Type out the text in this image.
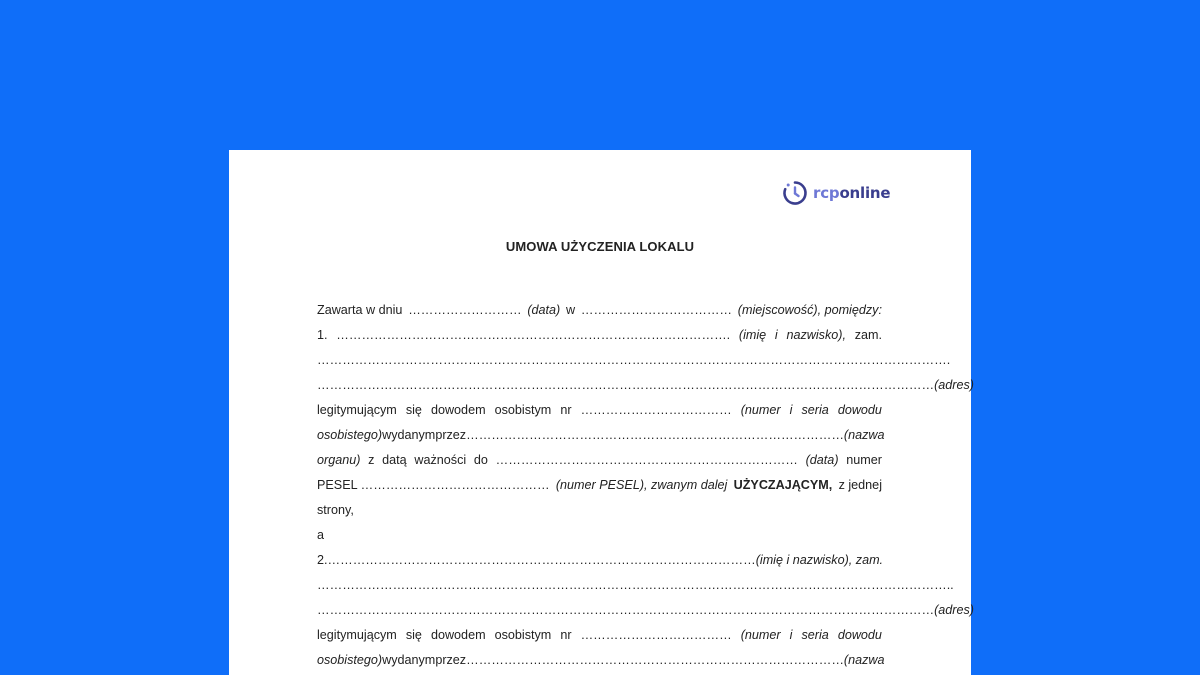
rcponline
UMOWA UŻYCZENIA LOKALU
Zawarta w dniu ……………………… (data) w ……………………………… (miejscowość), pomiędzy:
1. …………………………………………………………………………………. (imię i nazwisko), zam.
…………………………………………………………………………………………………………………………………….
………………………………………………………………………………………………………………………………… (adres)
legitymującym się dowodem osobistym nr ……………………………… (numer i seria dowodu
osobistego) wydanym przez ……………………………………………………………………………… (nazwa
organu) z datą ważności do ……………………………………………………………… (data) numer
PESEL ……………………………………… (numer PESEL), zwanym dalej UŻYCZAJĄCYM, z jednej
strony,
a
2. ………………………………………………………………………………………… (imię i nazwisko), zam.
……………………………………………………………………………………………………………………………………..
………………………………………………………………………………………………………………………………… (adres)
legitymującym się dowodem osobistym nr ……………………………… (numer i seria dowodu
osobistego) wydanym przez ……………………………………………………………………………… (nazwa
